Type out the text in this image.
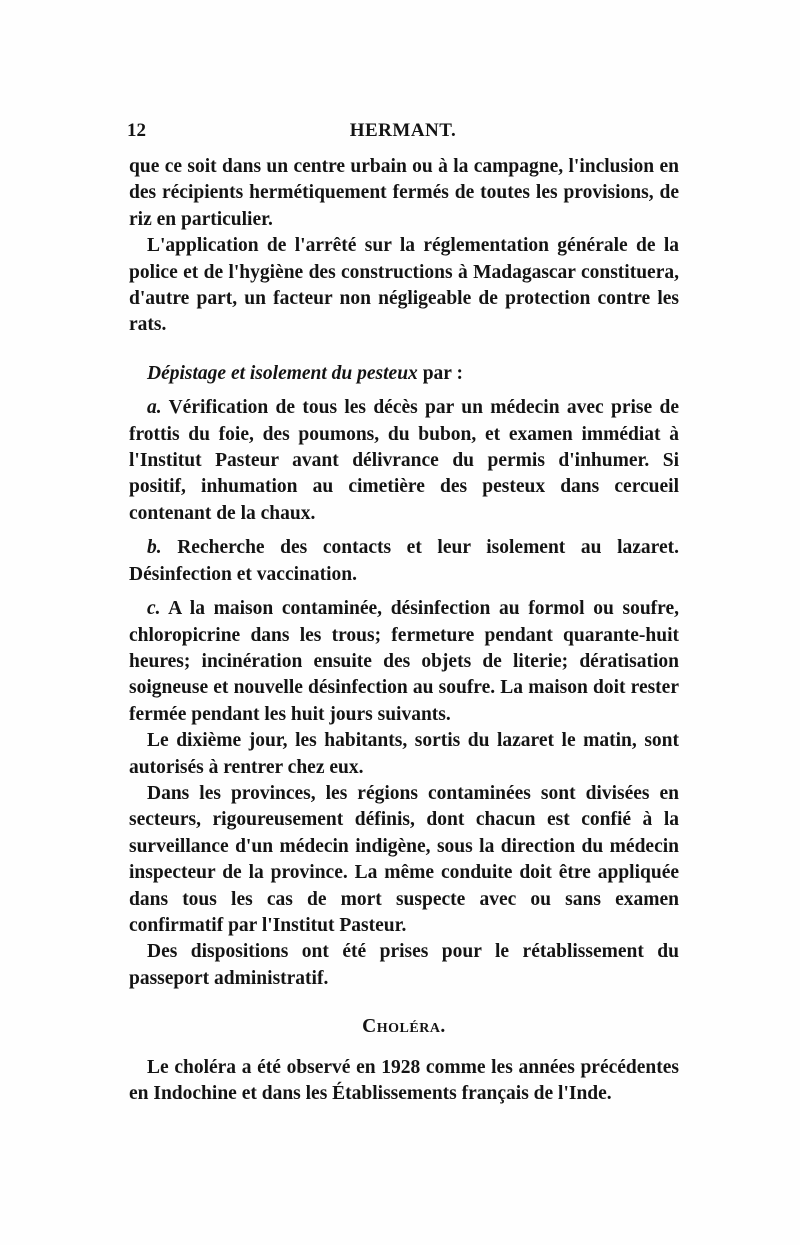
12	HERMANT.

que ce soit dans un centre urbain ou à la campagne, l'inclusion en des récipients hermétiquement fermés de toutes les provisions, de riz en particulier.

L'application de l'arrêté sur la réglementation générale de la police et de l'hygiène des constructions à Madagascar constituera, d'autre part, un facteur non négligeable de protection contre les rats.

Dépistage et isolement du pesteux par :

a. Vérification de tous les décès par un médecin avec prise de frottis du foie, des poumons, du bubon, et examen immédiat à l'Institut Pasteur avant délivrance du permis d'inhumer. Si positif, inhumation au cimetière des pesteux dans cercueil contenant de la chaux.

b. Recherche des contacts et leur isolement au lazaret. Désinfection et vaccination.

c. A la maison contaminée, désinfection au formol ou soufre, chloropicrine dans les trous; fermeture pendant quarante-huit heures; incinération ensuite des objets de literie; dératisation soigneuse et nouvelle désinfection au soufre. La maison doit rester fermée pendant les huit jours suivants.

Le dixième jour, les habitants, sortis du lazaret le matin, sont autorisés à rentrer chez eux.

Dans les provinces, les régions contaminées sont divisées en secteurs, rigoureusement définis, dont chacun est confié à la surveillance d'un médecin indigène, sous la direction du médecin inspecteur de la province. La même conduite doit être appliquée dans tous les cas de mort suspecte avec ou sans examen confirmatif par l'Institut Pasteur.

Des dispositions ont été prises pour le rétablissement du passeport administratif.

Choléra.

Le choléra a été observé en 1928 comme les années précédentes en Indochine et dans les Établissements français de l'Inde.
